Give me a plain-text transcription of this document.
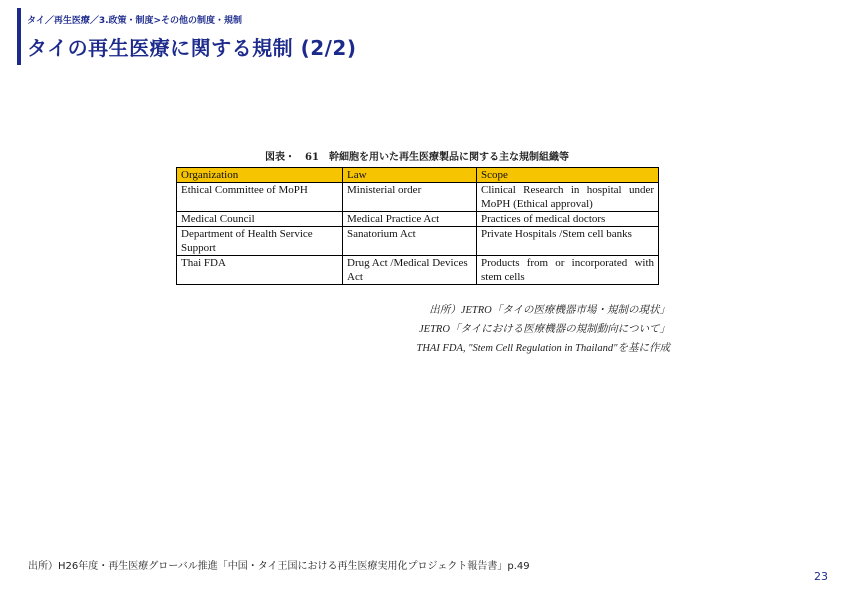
タイ／再生医療／3.政策・制度>その他の制度・規制
タイの再生医療に関する規制 (2/2)
図表・　61　幹細胞を用いた再生医療製品に関する主な規制組織等
Organization	Law	Scope
Ethical Committee of MoPH	Ministerial order	Clinical Research in hospital under MoPH (Ethical approval)
Medical Council	Medical Practice Act	Practices of medical doctors
Department of Health Service Support	Sanatorium Act	Private Hospitals /Stem cell banks
Thai FDA	Drug Act /Medical Devices Act	Products from or incorporated with stem cells
出所）JETRO「タイの医療機器市場・規制の現状」
JETRO「タイにおける医療機器の規制動向について」
THAI FDA, "Stem Cell Regulation in Thailand"を基に作成
出所）H26年度・再生医療グローバル推進「中国・タイ王国における再生医療実用化プロジェクト報告書」p.49
23
